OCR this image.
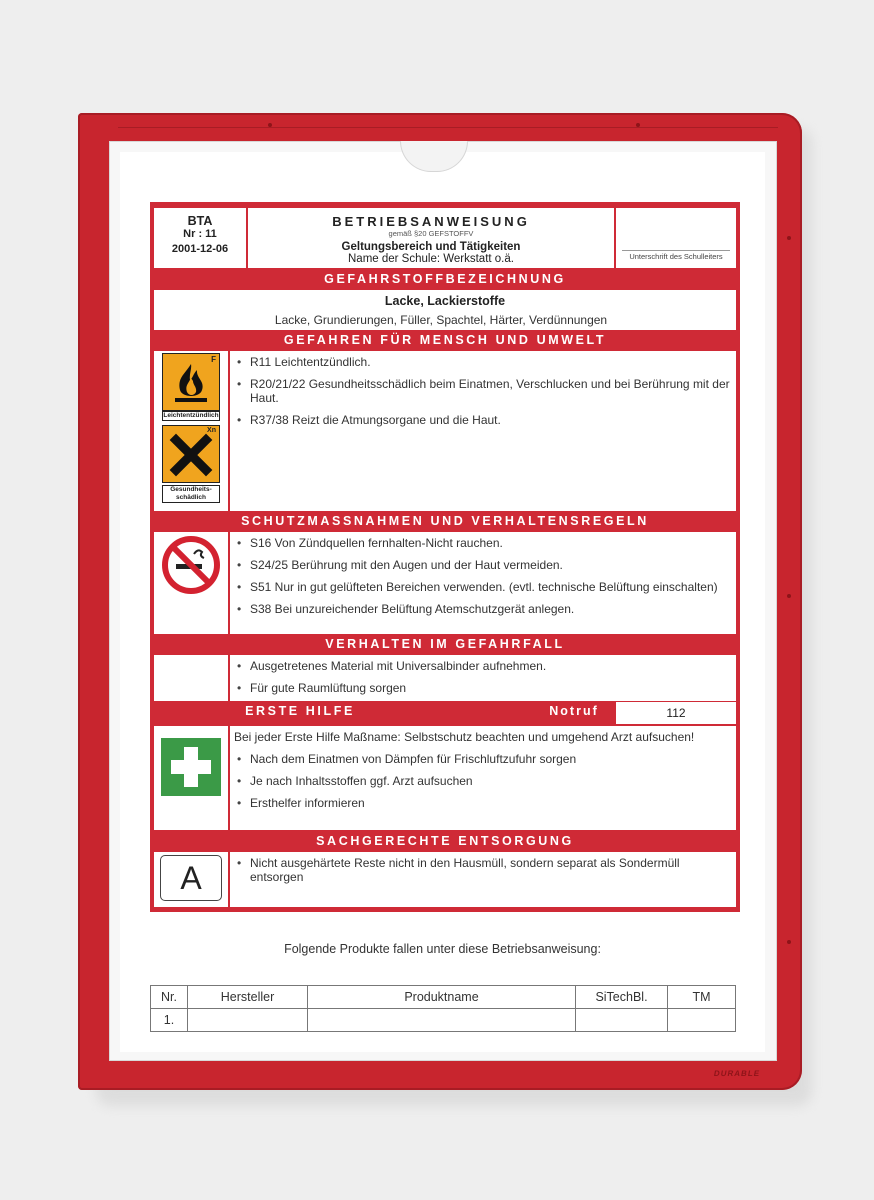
DURABLE
BTA
Nr : 11
2001-12-06
BETRIEBSANWEISUNG
gemäß §20 GEFSTOFFV
Geltungsbereich und Tätigkeiten
Name der Schule: Werkstatt o.ä.	Unterschrift des Schulleiters
GEFAHRSTOFFBEZEICHNUNG
Lacke, Lackierstoffe
Lacke, Grundierungen, Füller, Spachtel, Härter, Verdünnungen
GEFAHREN FÜR MENSCH UND UMWELT
F
Leichtentzündlich
Xn
Gesundheits-schädlich
• R11 Leichtentzündlich.
• R20/21/22 Gesundheitsschädlich beim Einatmen, Verschlucken und bei Berührung mit der Haut.
• R37/38 Reizt die Atmungsorgane und die Haut.
SCHUTZMASSNAHMEN UND VERHALTENSREGELN
• S16 Von Zündquellen fernhalten-Nicht rauchen.
• S24/25 Berührung mit den Augen und der Haut vermeiden.
• S51 Nur in gut gelüfteten Bereichen verwenden. (evtl. technische Belüftung einschalten)
• S38 Bei unzureichender Belüftung Atemschutzgerät anlegen.
VERHALTEN IM GEFAHRFALL
• Ausgetretenes Material mit Universalbinder aufnehmen.
• Für gute Raumlüftung sorgen
ERSTE HILFE	Notruf	112
Bei jeder Erste Hilfe Maßname: Selbstschutz beachten und umgehend Arzt aufsuchen!
• Nach dem Einatmen von Dämpfen für Frischluftzufuhr sorgen
• Je nach Inhaltsstoffen ggf. Arzt aufsuchen
• Ersthelfer informieren
SACHGERECHTE ENTSORGUNG
A	• Nicht ausgehärtete Reste nicht in den Hausmüll, sondern separat als Sondermüll entsorgen
Folgende Produkte fallen unter diese Betriebsanweisung:
Nr.	Hersteller	Produktname	SiTechBl.	TM
1.				
